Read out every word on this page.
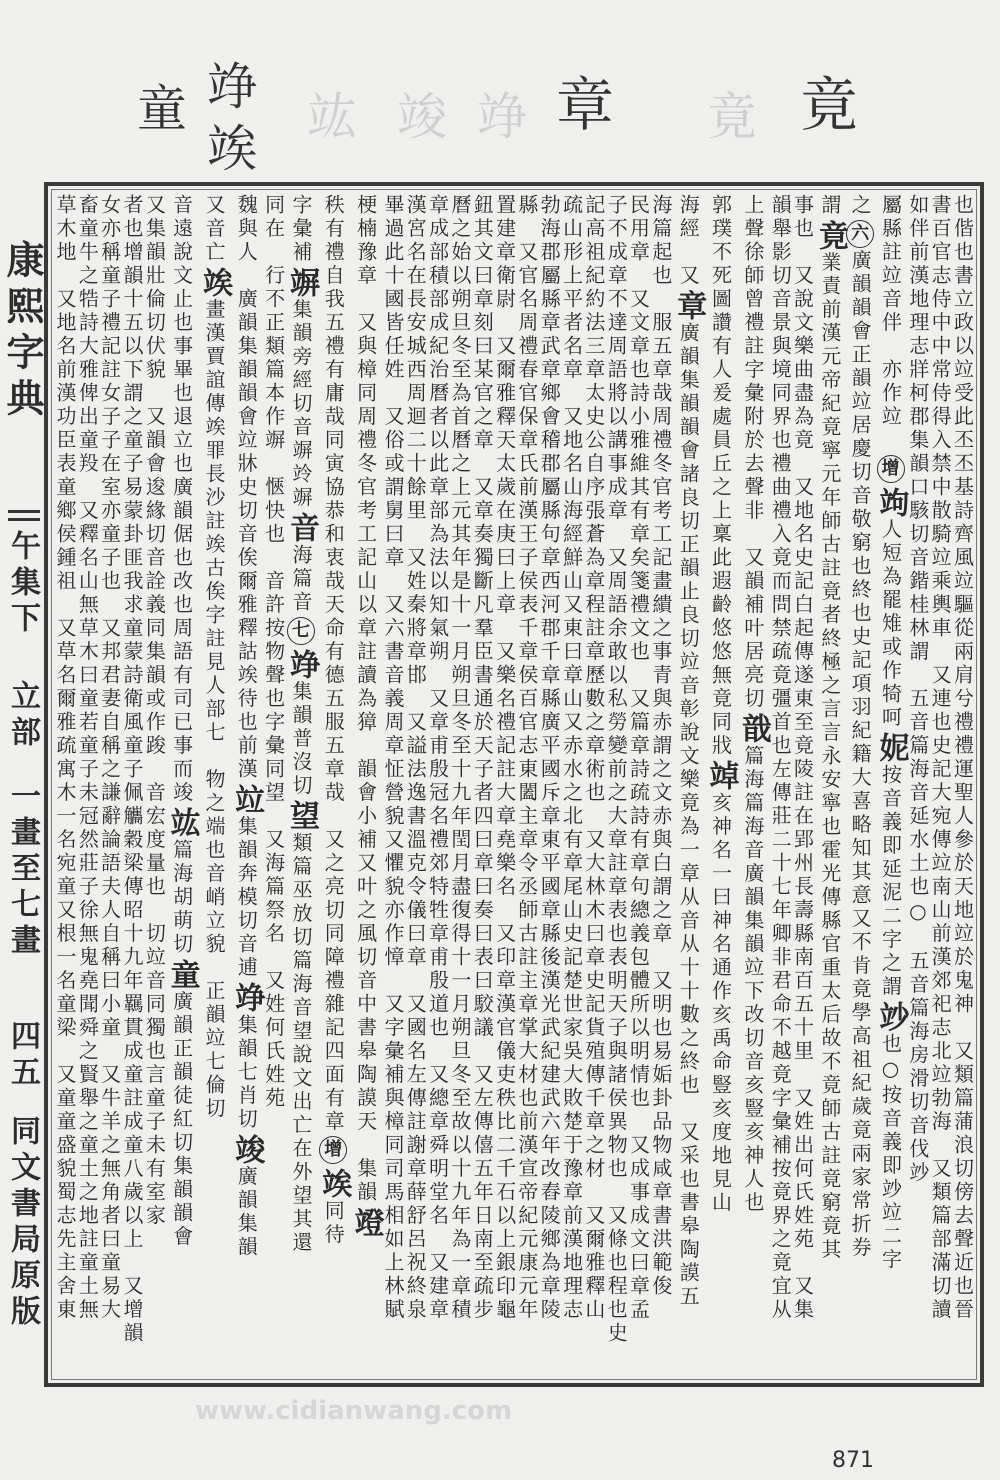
竟
章
竫
竢
童	竟
竫
竣
竑
康熙字典
午集下
立部
一畫至七畫
四五
同文書局原版	也偕也書立政以竝受此丕丕基詩齊風竝驅從兩肩兮禮禮運聖人參於天地竝於鬼神　又類篇蒲浪切傍去聲近也晉
書百官志侍中中常侍得入禁中散騎竝乘輿車　又連也史記大宛傳竝南山前漢郊祀志北竝勃海　又類篇部滿切讀
如伴前漢地理志牂柯郡集韻口駭切音鍇桂林謂　五音篇海音延水土也○　五音篇海房滑切音伐竗
屬縣註竝音伴　亦作竝　增竘人短為罷雉或作犄呵妮按音義即延泥二字之謂竗也○按音義即竗竝二字
之六廣韻韻會正韻竝居慶切音敬窮也終也史記項羽紀籍大喜略知其意又不肯竟學高祖紀歲竟兩家常折券
謂竟業責前漢元帝紀竟寧元年師古註竟者終極之言言永安寧也霍光傳縣官重太后故不竟師古註竟窮竟其
事也　又說文樂曲盡為竟　又地名史記白起傳遂東至竟陵註在郢州長壽縣南百五十里　又姓出何氏姓苑　又集
韻舉影切音景與境同界也禮曲禮入竟而問禁疏竟彊首也左傳莊二十七年卿非君命不越竟字彙補按竟界之竟宜从
上聲徐師曾禮註字彙附於去聲非　又韻補叶居亮切戠篇海篇海音廣韻集韻竝下改切音亥豎亥神人也
郭璞不死圖讚有人爰處員丘之上稟此遐齡悠悠無竟同戕竨亥神名一曰神名通作亥禹命豎亥度地見山
海經　又章廣韻集韻韻會諸良切正韻止良切竝音彰說文樂竟為一章从音从十十數之終也　又采也書皋陶謨五
海篇起也　服五章哉周禮冬官考工記畫繢之事青與赤謂之文赤與白謂之章　又明也易姤卦品物咸章書洪範俊
民用章　又文章也詩小雅維其有章矣箋禮文也　又篇章詩疏詩有章句總義包體所以明情也　又成事成文曰章孟
子不成章不達周語將以講事成章　又周語余敢以私勞變前之大章註章表也表明天子與諸侯異物也　又條也程也史
記高祖紀約法三章太史公自序張蒼為章程註章歷數之章術也　又大林木曰章史記貨殖傳千章之材　又爾雅釋山
疏山形上平者名章　又地名山海經鮮山又東曰章山又赤水之北有章尾山史記楚世家吳大敗楚于豫章前漢地理志
勃海郡屬縣章武章鄉會稽郡屬縣句章西河郡千章縣廣平國斥章東平國章縣後漢光武紀建武六年改舂陵鄉為章陵
縣　又官名周禮春官保章氏前漢王子侯表千章侯百官志東闔主章令丞師古註主章掌大材也前漢宣帝紀元康元年
置建章衛尉　又爾雅釋天太歲在庚曰上章　又樂名禮記註大章堯樂名　又印章漢官儀吏秩比二千石以上銀印龜
鈕其文曰章刻曰某官之章　又章奏獨斷凡羣臣書通於天子者四曰章曰奏曰表曰駮議　又左傳僖五年日南至疏步
曆之始以朔旦冬至為首曆之上元其年是十一月朔旦冬至十九年閏月盡復得十一月朔旦冬至故以十九年為一章積
章成部積部成紀治曆者以此章部為法以知氣朔　又章甫殷冠名禮郊特牲章甫殷道也　又總章舜明堂名　又建章
漢宮名在長安城西周迴二十餘里　又姓秦將章邯　又謚法逸書溫克令儀曰章　又國名左傳註謝章薛舒呂祝終泉
畢過此十國皆任姓　又俗或謂舅曰章　又六書音義周章怔營貌又懼貌亦作慞　又字彙補與樟同司馬相如上林賦
梗楠豫章　又與樟同周禮冬官考工記山以章註讀為獐　韻會小補又叶之風切音中書皋陶謨天　集韻竳
秩有禮自我五禮有庸哉同寅協恭和衷哉天命有德五服五章哉　又之亮切同障禮雜記四面有章增竢同待
字彙補竮集韻旁經切音竮竛竮音海篇音七竫集韻普沒切望類篇巫放切篇海音望說文出亡在外望其還
同在　行不正類篇本作竮　愜快也　音許按物聲也字彙同望　又海篇祭名　又姓何氏姓苑
魏與人　廣韻集韻韻會竝牀史切音俟爾雅釋詁竢待也前漢竝集韻奔模切音逋竫集韻七肖切竣廣韻集韻
又音亡竢畫漢賈誼傳竢罪長沙註竢古俟字註見人部七　物之端也音峭立貌　正韻竝七倫切
音遠說文止也事畢也退立也廣韻倨也改也周語有司已事而竣竑篇海胡萌切童廣韻正韻徒紅切集韻韻會
又集韻壯倫切伏貌　又韻會逡緣切音詮義同集韻或作踆　音宏度量也　切竝音同獨也言童子未有室家
者也增韻十五以下謂之童子易蒙卦匪我求童蒙詩衛風童子佩觿穀梁傳昭十九年羈貫成童註成童八歲以上　又增韻
女亦稱童子禮記註女子子在室亦童子也　又邦君妻自稱之謙辭論語夫人自稱曰小童　又牛羊之無角者曰童易大
畜童牛之牿詩大雅俾出童羖　又釋名山無草木曰童若童子未冠然莊子徐無鬼堯聞舜之賢舉之童土之地註童土無
草木地　又地名前漢功臣表童鄉侯鍾祖　又草名爾雅疏寓木一名宛童又根一名童梁　又童童盛貌蜀志先主舍東
www.cidianwang.com
871
